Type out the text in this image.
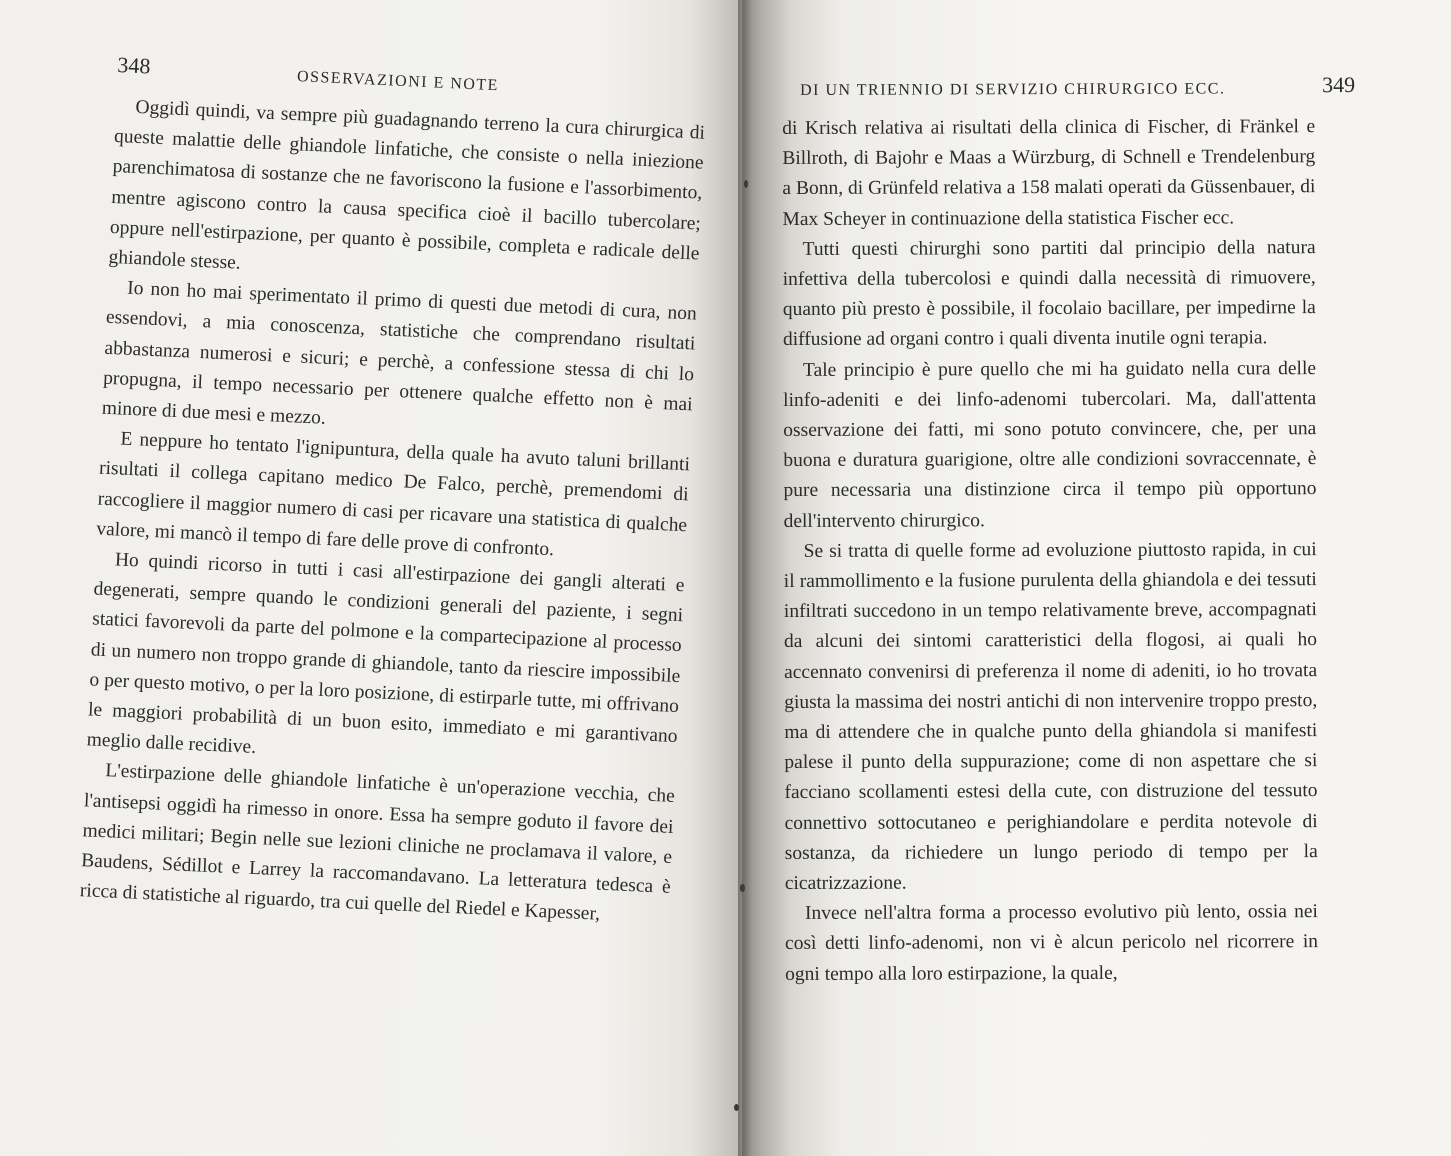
348
OSSERVAZIONI E NOTE

Oggidì quindi, va sempre più guadagnando terreno la cura chirurgica di queste malattie delle ghiandole linfatiche, che consiste o nella iniezione parenchimatosa di sostanze che ne favoriscono la fusione e l'assorbimento, mentre agiscono contro la causa specifica cioè il bacillo tubercolare; oppure nell'estirpazione, per quanto è possibile, completa e radicale delle ghiandole stesse.

Io non ho mai sperimentato il primo di questi due metodi di cura, non essendovi, a mia conoscenza, statistiche che comprendano risultati abbastanza numerosi e sicuri; e perchè, a confessione stessa di chi lo propugna, il tempo necessario per ottenere qualche effetto non è mai minore di due mesi e mezzo.

E neppure ho tentato l'ignipuntura, della quale ha avuto taluni brillanti risultati il collega capitano medico De Falco, perchè, premendomi di raccogliere il maggior numero di casi per ricavare una statistica di qualche valore, mi mancò il tempo di fare delle prove di confronto.

Ho quindi ricorso in tutti i casi all'estirpazione dei gangli alterati e degenerati, sempre quando le condizioni generali del paziente, i segni statici favorevoli da parte del polmone e la compartecipazione al processo di un numero non troppo grande di ghiandole, tanto da riescire impossibile o per questo motivo, o per la loro posizione, di estirparle tutte, mi offrivano le maggiori probabilità di un buon esito, immediato e mi garantivano meglio dalle recidive.

L'estirpazione delle ghiandole linfatiche è un'operazione vecchia, che l'antisepsi oggidì ha rimesso in onore. Essa ha sempre goduto il favore dei medici militari; Begin nelle sue lezioni cliniche ne proclamava il valore, e Baudens, Sédillot e Larrey la raccomandavano. La letteratura tedesca è ricca di statistiche al riguardo, tra cui quelle del Riedel e Kapesser,

DI UN TRIENNIO DI SERVIZIO CHIRURGICO ECC.	349

di Krisch relativa ai risultati della clinica di Fischer, di Fränkel e Billroth, di Bajohr e Maas a Würzburg, di Schnell e Trendelenburg a Bonn, di Grünfeld relativa a 158 malati operati da Güssenbauer, di Max Scheyer in continuazione della statistica Fischer ecc.

Tutti questi chirurghi sono partiti dal principio della natura infettiva della tubercolosi e quindi dalla necessità di rimuovere, quanto più presto è possibile, il focolaio bacillare, per impedirne la diffusione ad organi contro i quali diventa inutile ogni terapia.

Tale principio è pure quello che mi ha guidato nella cura delle linfo-adeniti e dei linfo-adenomi tubercolari. Ma, dall'attenta osservazione dei fatti, mi sono potuto convincere, che, per una buona e duratura guarigione, oltre alle condizioni sovraccennate, è pure necessaria una distinzione circa il tempo più opportuno dell'intervento chirurgico.

Se si tratta di quelle forme ad evoluzione piuttosto rapida, in cui il rammollimento e la fusione purulenta della ghiandola e dei tessuti infiltrati succedono in un tempo relativamente breve, accompagnati da alcuni dei sintomi caratteristici della flogosi, ai quali ho accennato convenirsi di preferenza il nome di adeniti, io ho trovata giusta la massima dei nostri antichi di non intervenire troppo presto, ma di attendere che in qualche punto della ghiandola si manifesti palese il punto della suppurazione; come di non aspettare che si facciano scollamenti estesi della cute, con distruzione del tessuto connettivo sottocutaneo e perighiandolare e perdita notevole di sostanza, da richiedere un lungo periodo di tempo per la cicatrizzazione.

Invece nell'altra forma a processo evolutivo più lento, ossia nei così detti linfo-adenomi, non vi è alcun pericolo nel ricorrere in ogni tempo alla loro estirpazione, la quale,
